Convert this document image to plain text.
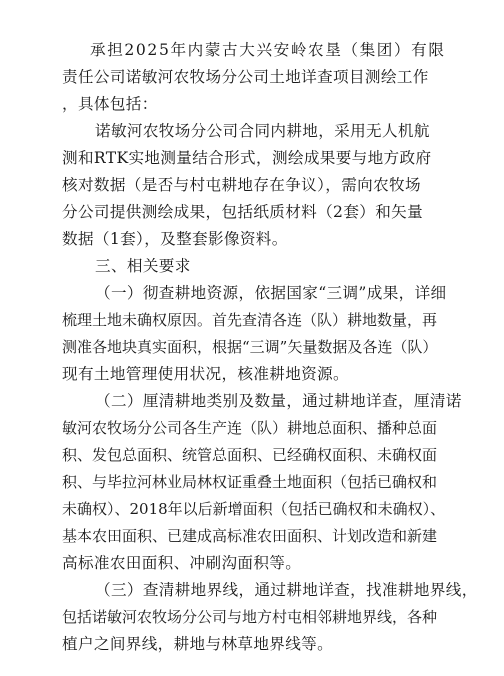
承担2025年内蒙古大兴安岭农垦（集团）有限
责任公司诺敏河农牧场分公司土地详查项目测绘工作
，具体包括：
诺敏河农牧场分公司合同内耕地，采用无人机航
测和RTK实地测量结合形式，测绘成果要与地方政府
核对数据（是否与村屯耕地存在争议），需向农牧场
分公司提供测绘成果，包括纸质材料（2套）和矢量
数据（1套），及整套影像资料。
三、相关要求
（一）彻查耕地资源，依据国家“三调”成果，详细
梳理土地未确权原因。首先查清各连（队）耕地数量，再
测准各地块真实面积，根据“三调”矢量数据及各连（队）
现有土地管理使用状况，核准耕地资源。
（二）厘清耕地类别及数量，通过耕地详查，厘清诺
敏河农牧场分公司各生产连（队）耕地总面积、播种总面
积、发包总面积、统管总面积、已经确权面积、未确权面
积、与毕拉河林业局林权证重叠土地面积（包括已确权和
未确权）、2018年以后新增面积（包括已确权和未确权）、
基本农田面积、已建成高标准农田面积、计划改造和新建
高标准农田面积、冲刷沟面积等。
（三）查清耕地界线，通过耕地详查，找准耕地界线，
包括诺敏河农牧场分公司与地方村屯相邻耕地界线，各种
植户之间界线，耕地与林草地界线等。
